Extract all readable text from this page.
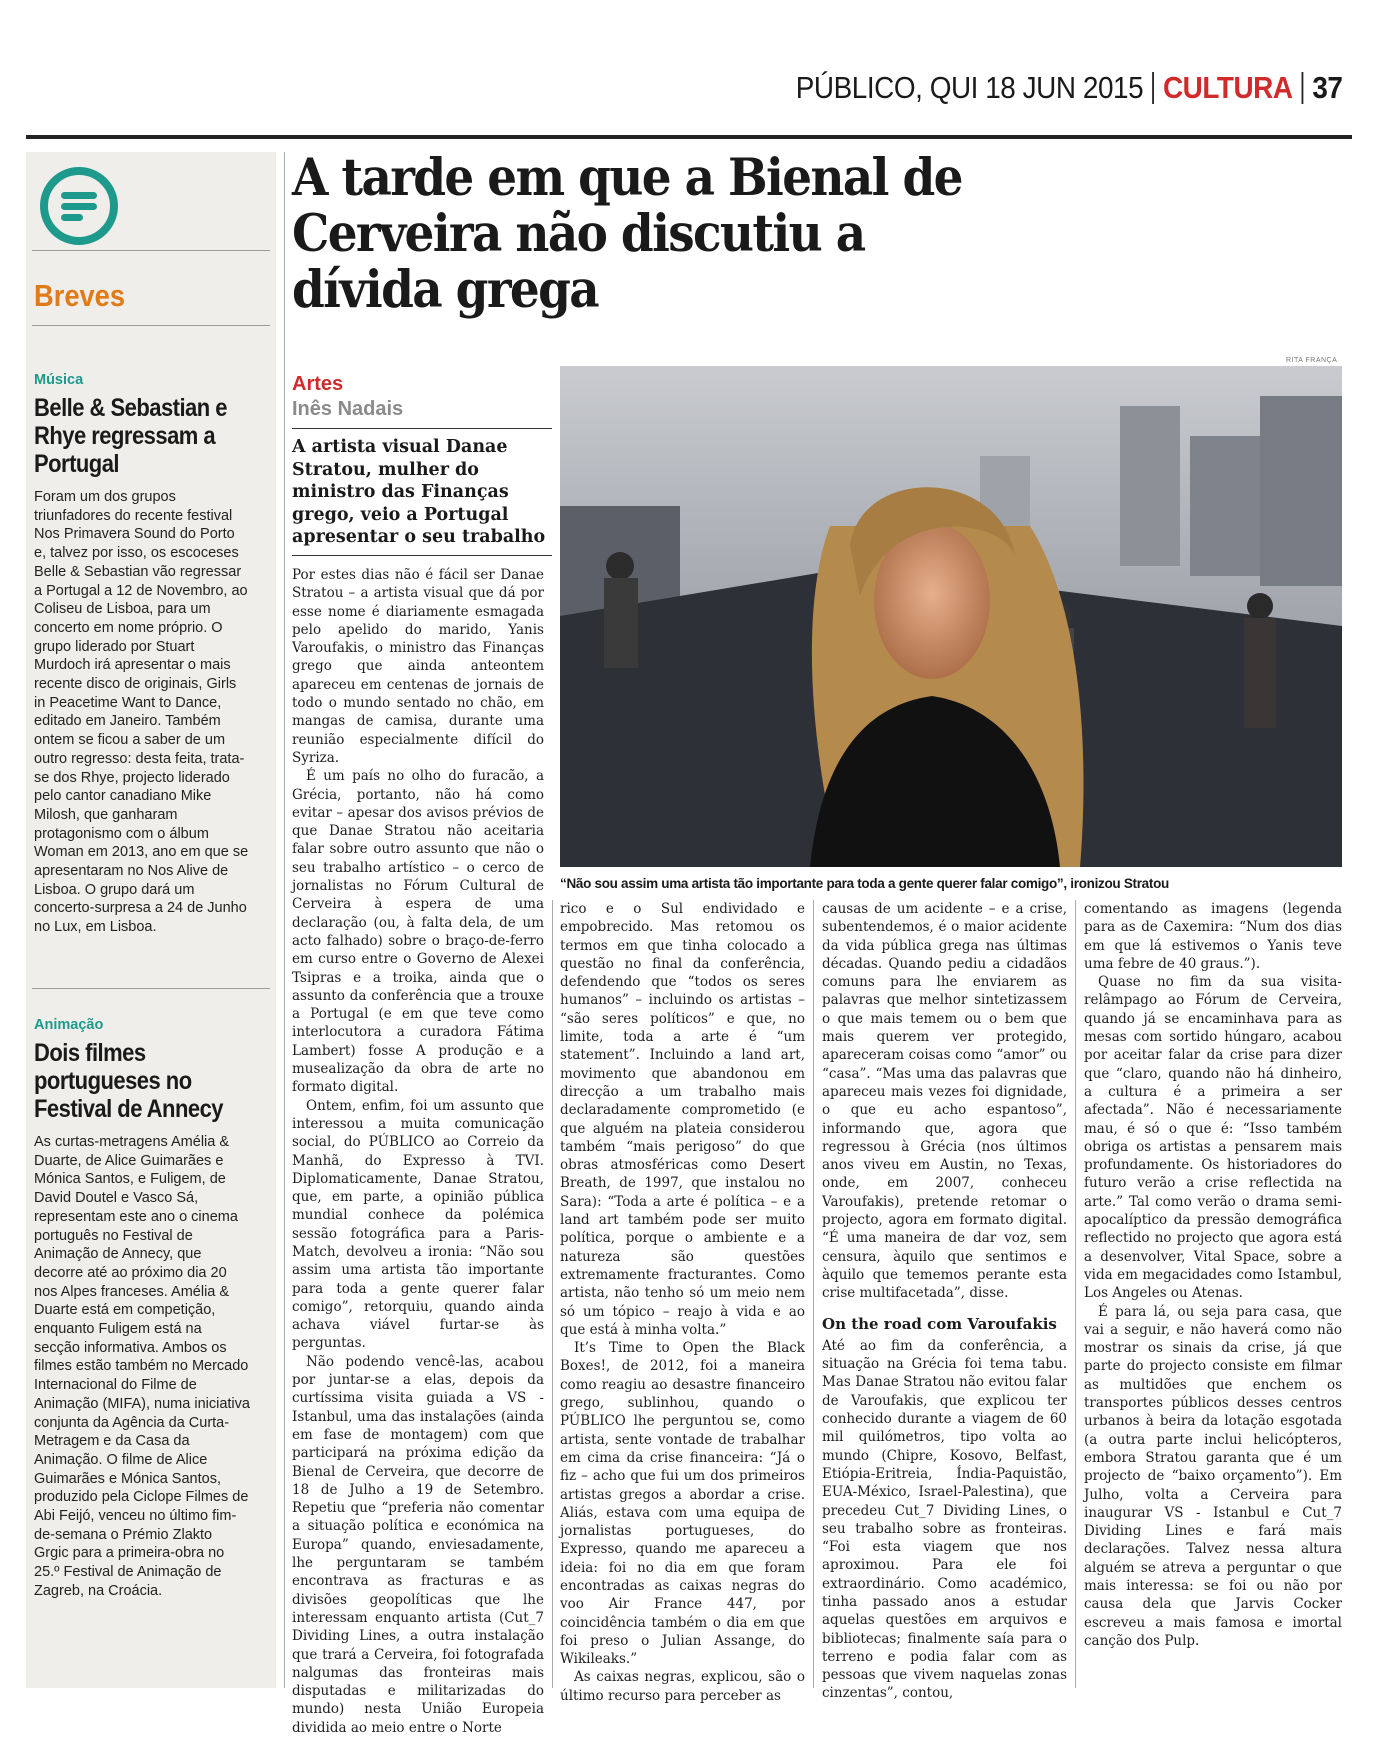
PÚBLICO, QUI 18 JUN 2015 CULTURA 37
Breves
Música
Belle & Sebastian e Rhye regressam a Portugal
Foram um dos grupos triunfadores do recente festival Nos Primavera Sound do Porto e, talvez por isso, os escoceses Belle & Sebastian vão regressar a Portugal a 12 de Novembro, ao Coliseu de Lisboa, para um concerto em nome próprio. O grupo liderado por Stuart Murdoch irá apresentar o mais recente disco de originais, Girls in Peacetime Want to Dance, editado em Janeiro. Também ontem se ficou a saber de um outro regresso: desta feita, trata-se dos Rhye, projecto liderado pelo cantor canadiano Mike Milosh, que ganharam protagonismo com o álbum Woman em 2013, ano em que se apresentaram no Nos Alive de Lisboa. O grupo dará um concerto-surpresa a 24 de Junho no Lux, em Lisboa.
Animação
Dois filmes portugueses no Festival de Annecy
As curtas-metragens Amélia & Duarte, de Alice Guimarães e Mónica Santos, e Fuligem, de David Doutel e Vasco Sá, representam este ano o cinema português no Festival de Animação de Annecy, que decorre até ao próximo dia 20 nos Alpes franceses. Amélia & Duarte está em competição, enquanto Fuligem está na secção informativa. Ambos os filmes estão também no Mercado Internacional do Filme de Animação (MIFA), numa iniciativa conjunta da Agência da Curta-Metragem e da Casa da Animação. O filme de Alice Guimarães e Mónica Santos, produzido pela Ciclope Filmes de Abi Feijó, venceu no último fim-de-semana o Prémio Zlakto Grgic para a primeira-obra no 25.º Festival de Animação de Zagreb, na Croácia.
A tarde em que a Bienal de Cerveira não discutiu a dívida grega
RITA FRANÇA
Artes
Inês Nadais
A artista visual Danae Stratou, mulher do ministro das Finanças grego, veio a Portugal apresentar o seu trabalho
“Não sou assim uma artista tão importante para toda a gente querer falar comigo”, ironizou Stratou

Por estes dias não é fácil ser Danae Stratou – a artista visual que dá por esse nome é diariamente esmagada pelo apelido do marido, Yanis Varoufakis, o ministro das Finanças grego que ainda anteontem apareceu em centenas de jornais de todo o mundo sentado no chão, em mangas de camisa, durante uma reunião especialmente difícil do Syriza.

É um país no olho do furacão, a Grécia, portanto, não há como evitar – apesar dos avisos prévios de que Danae Stratou não aceitaria falar sobre outro assunto que não o seu trabalho artístico – o cerco de jornalistas no Fórum Cultural de Cerveira à espera de uma declaração (ou, à falta dela, de um acto falhado) sobre o braço-de-ferro em curso entre o Governo de Alexei Tsipras e a troika, ainda que o assunto da conferência que a trouxe a Portugal (e em que teve como interlocutora a curadora Fátima Lambert) fosse A produção e a musealização da obra de arte no formato digital.

Ontem, enfim, foi um assunto que interessou a muita comunicação social, do PÚBLICO ao Correio da Manhã, do Expresso à TVI. Diplomaticamente, Danae Stratou, que, em parte, a opinião pública mundial conhece da polémica sessão fotográfica para a Paris-Match, devolveu a ironia: “Não sou assim uma artista tão importante para toda a gente querer falar comigo”, retorquiu, quando ainda achava viável furtar-se às perguntas.

Não podendo vencê-las, acabou por juntar-se a elas, depois da curtíssima visita guiada a VS - Istanbul, uma das instalações (ainda em fase de montagem) com que participará na próxima edição da Bienal de Cerveira, que decorre de 18 de Julho a 19 de Setembro. Repetiu que “preferia não comentar a situação política e económica na Europa” quando, enviesadamente, lhe perguntaram se também encontrava as fracturas e as divisões geopolíticas que lhe interessam enquanto artista (Cut_7 Dividing Lines, a outra instalação que trará a Cerveira, foi fotografada nalgumas das fronteiras mais disputadas e militarizadas do mundo) nesta União Europeia dividida ao meio entre o Norte

rico e o Sul endividado e empobrecido. Mas retomou os termos em que tinha colocado a questão no final da conferência, defendendo que “todos os seres humanos” – incluindo os artistas – “são seres políticos” e que, no limite, toda a arte é “um statement”. Incluindo a land art, movimento que abandonou em direcção a um trabalho mais declaradamente comprometido (e que alguém na plateia considerou também “mais perigoso” do que obras atmosféricas como Desert Breath, de 1997, que instalou no Sara): “Toda a arte é política – e a land art também pode ser muito política, porque o ambiente e a natureza são questões extremamente fracturantes. Como artista, não tenho só um meio nem só um tópico – reajo à vida e ao que está à minha volta.”

It’s Time to Open the Black Boxes!, de 2012, foi a maneira como reagiu ao desastre financeiro grego, sublinhou, quando o PÚBLICO lhe perguntou se, como artista, sente vontade de trabalhar em cima da crise financeira: “Já o fiz – acho que fui um dos primeiros artistas gregos a abordar a crise. Aliás, estava com uma equipa de jornalistas portugueses, do Expresso, quando me apareceu a ideia: foi no dia em que foram encontradas as caixas negras do voo Air France 447, por coincidência também o dia em que foi preso o Julian Assange, do Wikileaks.”

As caixas negras, explicou, são o último recurso para perceber as

causas de um acidente – e a crise, subentendemos, é o maior acidente da vida pública grega nas últimas décadas. Quando pediu a cidadãos comuns para lhe enviarem as palavras que melhor sintetizassem o que mais temem ou o bem que mais querem ver protegido, apareceram coisas como “amor” ou “casa”. “Mas uma das palavras que apareceu mais vezes foi dignidade, o que eu acho espantoso”, informando que, agora que regressou à Grécia (nos últimos anos viveu em Austin, no Texas, onde, em 2007, conheceu Varoufakis), pretende retomar o projecto, agora em formato digital. “É uma maneira de dar voz, sem censura, àquilo que sentimos e àquilo que tememos perante esta crise multifacetada”, disse.

On the road com Varoufakis

Até ao fim da conferência, a situação na Grécia foi tema tabu. Mas Danae Stratou não evitou falar de Varoufakis, que explicou ter conhecido durante a viagem de 60 mil quilómetros, tipo volta ao mundo (Chipre, Kosovo, Belfast, Etiópia-Eritreia, Índia-Paquistão, EUA-México, Israel-Palestina), que precedeu Cut_7 Dividing Lines, o seu trabalho sobre as fronteiras. “Foi esta viagem que nos aproximou. Para ele foi extraordinário. Como académico, tinha passado anos a estudar aquelas questões em arquivos e bibliotecas; finalmente saía para o terreno e podia falar com as pessoas que vivem naquelas zonas cinzentas”, contou,

comentando as imagens (legenda para as de Caxemira: “Num dos dias em que lá estivemos o Yanis teve uma febre de 40 graus.”).

Quase no fim da sua visita-relâmpago ao Fórum de Cerveira, quando já se encaminhava para as mesas com sortido húngaro, acabou por aceitar falar da crise para dizer que “claro, quando não há dinheiro, a cultura é a primeira a ser afectada”. Não é necessariamente mau, é só o que é: “Isso também obriga os artistas a pensarem mais profundamente. Os historiadores do futuro verão a crise reflectida na arte.” Tal como verão o drama semi-apocalíptico da pressão demográfica reflectido no projecto que agora está a desenvolver, Vital Space, sobre a vida em megacidades como Istambul, Los Angeles ou Atenas.

É para lá, ou seja para casa, que vai a seguir, e não haverá como não mostrar os sinais da crise, já que parte do projecto consiste em filmar as multidões que enchem os transportes públicos desses centros urbanos à beira da lotação esgotada (a outra parte inclui helicópteros, embora Stratou garanta que é um projecto de “baixo orçamento”). Em Julho, volta a Cerveira para inaugurar VS - Istanbul e Cut_7 Dividing Lines e fará mais declarações. Talvez nessa altura alguém se atreva a perguntar o que mais interessa: se foi ou não por causa dela que Jarvis Cocker escreveu a mais famosa e imortal canção dos Pulp.
